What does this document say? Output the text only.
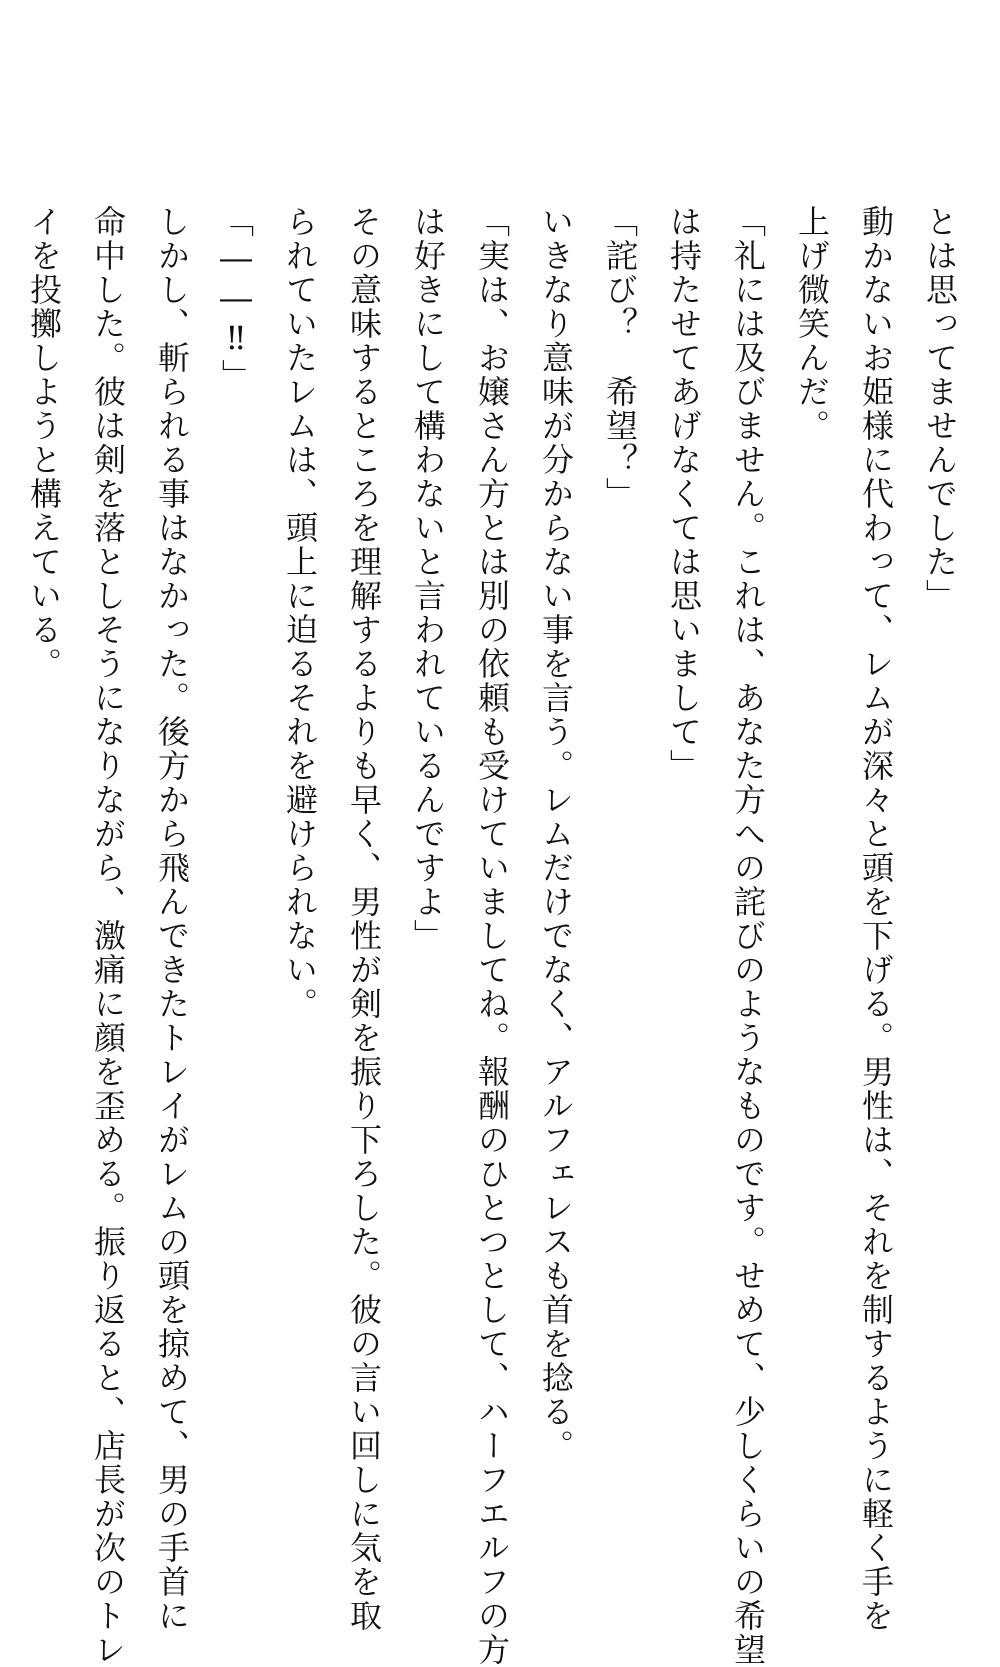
動かないお姫様に代わって、レムが深々と頭を下げる。男性は、それを制するように軽く手を
上げ微笑んだ。
「礼には及びません。これは、あなた方への詫びのようなものです。せめて、少しくらいの希望
は持たせてあげなくては思いまして」
「詫び？　希望？」
いきなり意味が分からない事を言う。レムだけでなく、アルフェレスも首を捻る。
「実は、お嬢さん方とは別の依頼も受けていましてね。報酬のひとつとして、ハーフエルフの方
は好きにして構わないと言われているんですよ」
その意味するところを理解するよりも早く、男性が剣を振り下ろした。彼の言い回しに気を取
られていたレムは、頭上に迫るそれを避けられない。
「――‼」
しかし、斬られる事はなかった。後方から飛んできたトレイがレムの頭を掠めて、男の手首に
命中した。彼は剣を落としそうになりながら、激痛に顔を歪める。振り返ると、店長が次のトレ
イを投擲しようと構えている。	とは思ってませんでした」
